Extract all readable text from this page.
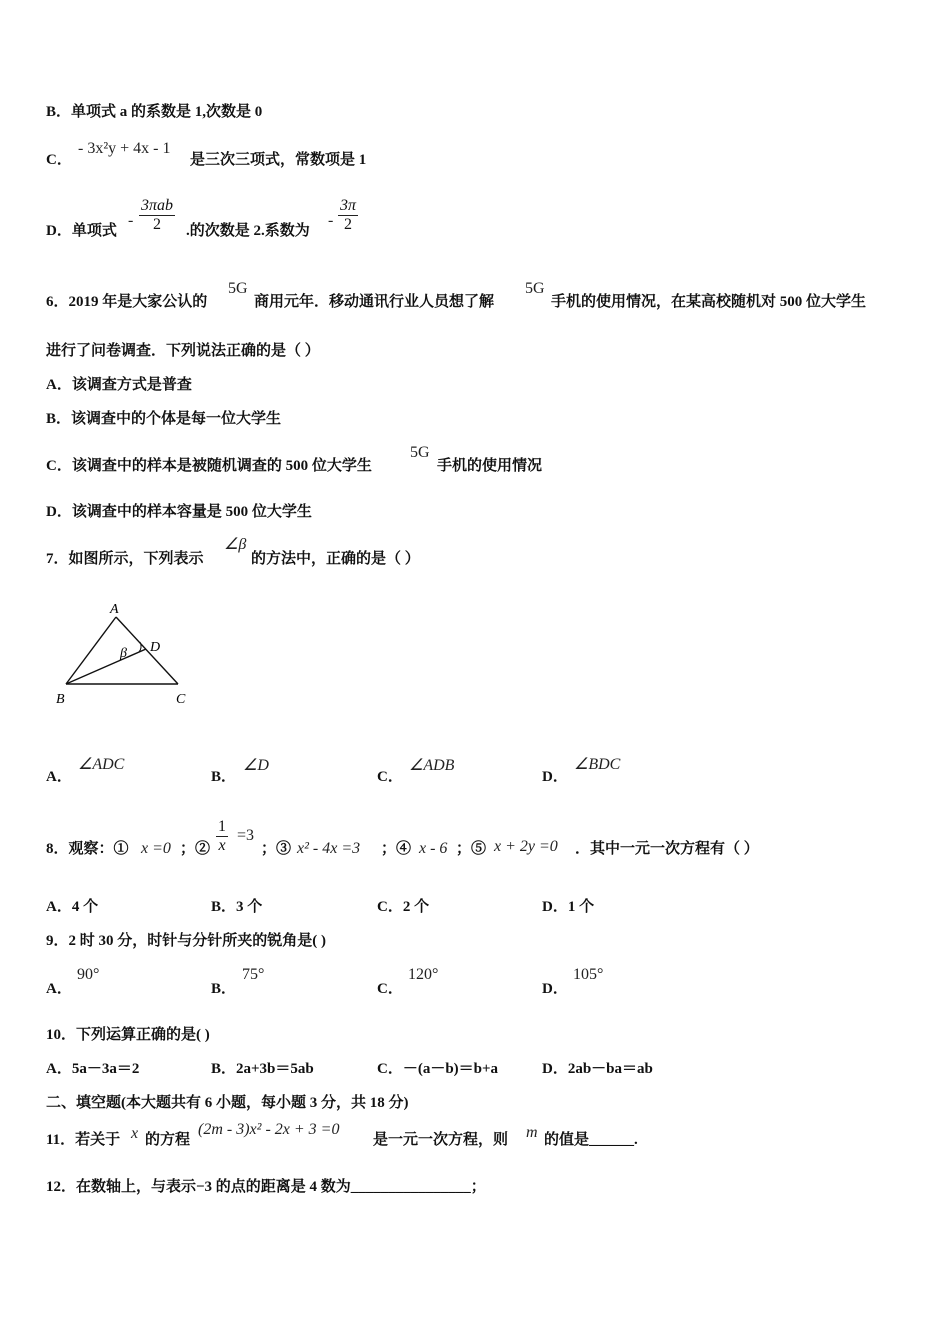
B．单项式 a 的系数是 1,次数是 0
C．
- 3x²y + 4x - 1
是三次三项式，常数项是 1
D．单项式
-
3πab
2	.的次数是 2.系数为
- $\frac{3\pi}{2}$
6．2019 年是大家公认的
5G
商用元年．移动通讯行业人员想了解
5G
手机的使用情况，在某高校随机对 500 位大学生
进行了问卷调查．下列说法正确的是（ ）
A．该调查方式是普查
B．该调查中的个体是每一位大学生
C．该调查中的样本是被随机调查的 500 位大学生
5G
手机的使用情况
D．该调查中的样本容量是 500 位大学生
7．如图所示，下列表示
∠β
的方法中，正确的是（ ）
A
B	C
D
β
A．
∠ADC
B．
∠D
C．
∠ADB
D．
∠BDC
8．观察：① x =0 ；② $\frac{1}{x} =3$
；③ x² - 4x =3 ；④ x - 6 ；⑤ x + 2y =0 ．其中一元一次方程有（ ）
A．4 个	B．3 个	C．2 个	D．1 个
9．2 时 30 分，时针与分针所夹的锐角是( )
A．
90°
B．
75°
C．
120°
D．
105°
10．下列运算正确的是( )
A．5a－3a＝2	B．2a+3b＝5ab	C．－(a－b)＝b+a	D．2ab－ba＝ab
二、填空题(本大题共有 6 小题，每小题 3 分，共 18 分)
11．若关于 x 的方程
(2m - 3)x² - 2x + 3 =0
是一元一次方程，则 m 的值是______.
12．在数轴上，与表示−3 的点的距离是 4 数为________________；
